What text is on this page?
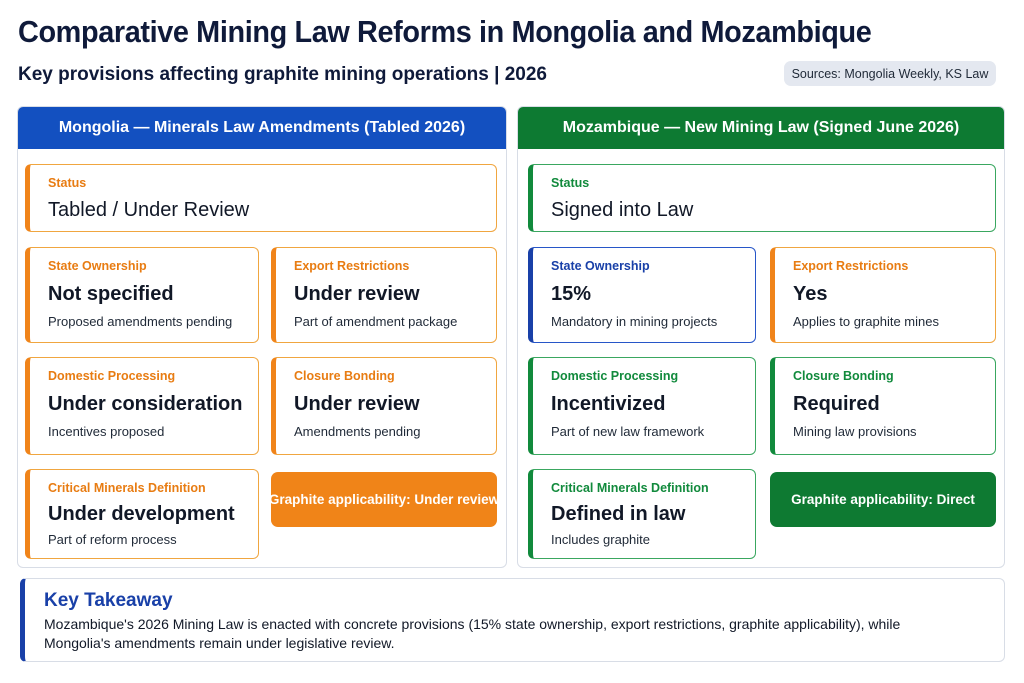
Comparative Mining Law Reforms in Mongolia and Mozambique
Key provisions affecting graphite mining operations | 2026	Sources: Mongolia Weekly, KS Law
Mongolia — Minerals Law Amendments (Tabled 2026)
Status
Tabled / Under Review
State Ownership
Not specified
Proposed amendments pending
Export Restrictions
Under review
Part of amendment package
Domestic Processing
Under consideration
Incentives proposed
Closure Bonding
Under review
Amendments pending
Critical Minerals Definition
Under development
Part of reform process
Graphite applicability: Under review
Mozambique — New Mining Law (Signed June 2026)
Status
Signed into Law
State Ownership
15%
Mandatory in mining projects
Export Restrictions
Yes
Applies to graphite mines
Domestic Processing
Incentivized
Part of new law framework
Closure Bonding
Required
Mining law provisions
Critical Minerals Definition
Defined in law
Includes graphite
Graphite applicability: Direct
Key Takeaway
Mozambique's 2026 Mining Law is enacted with concrete provisions (15% state ownership, export restrictions, graphite applicability), while Mongolia's amendments remain under legislative review.
